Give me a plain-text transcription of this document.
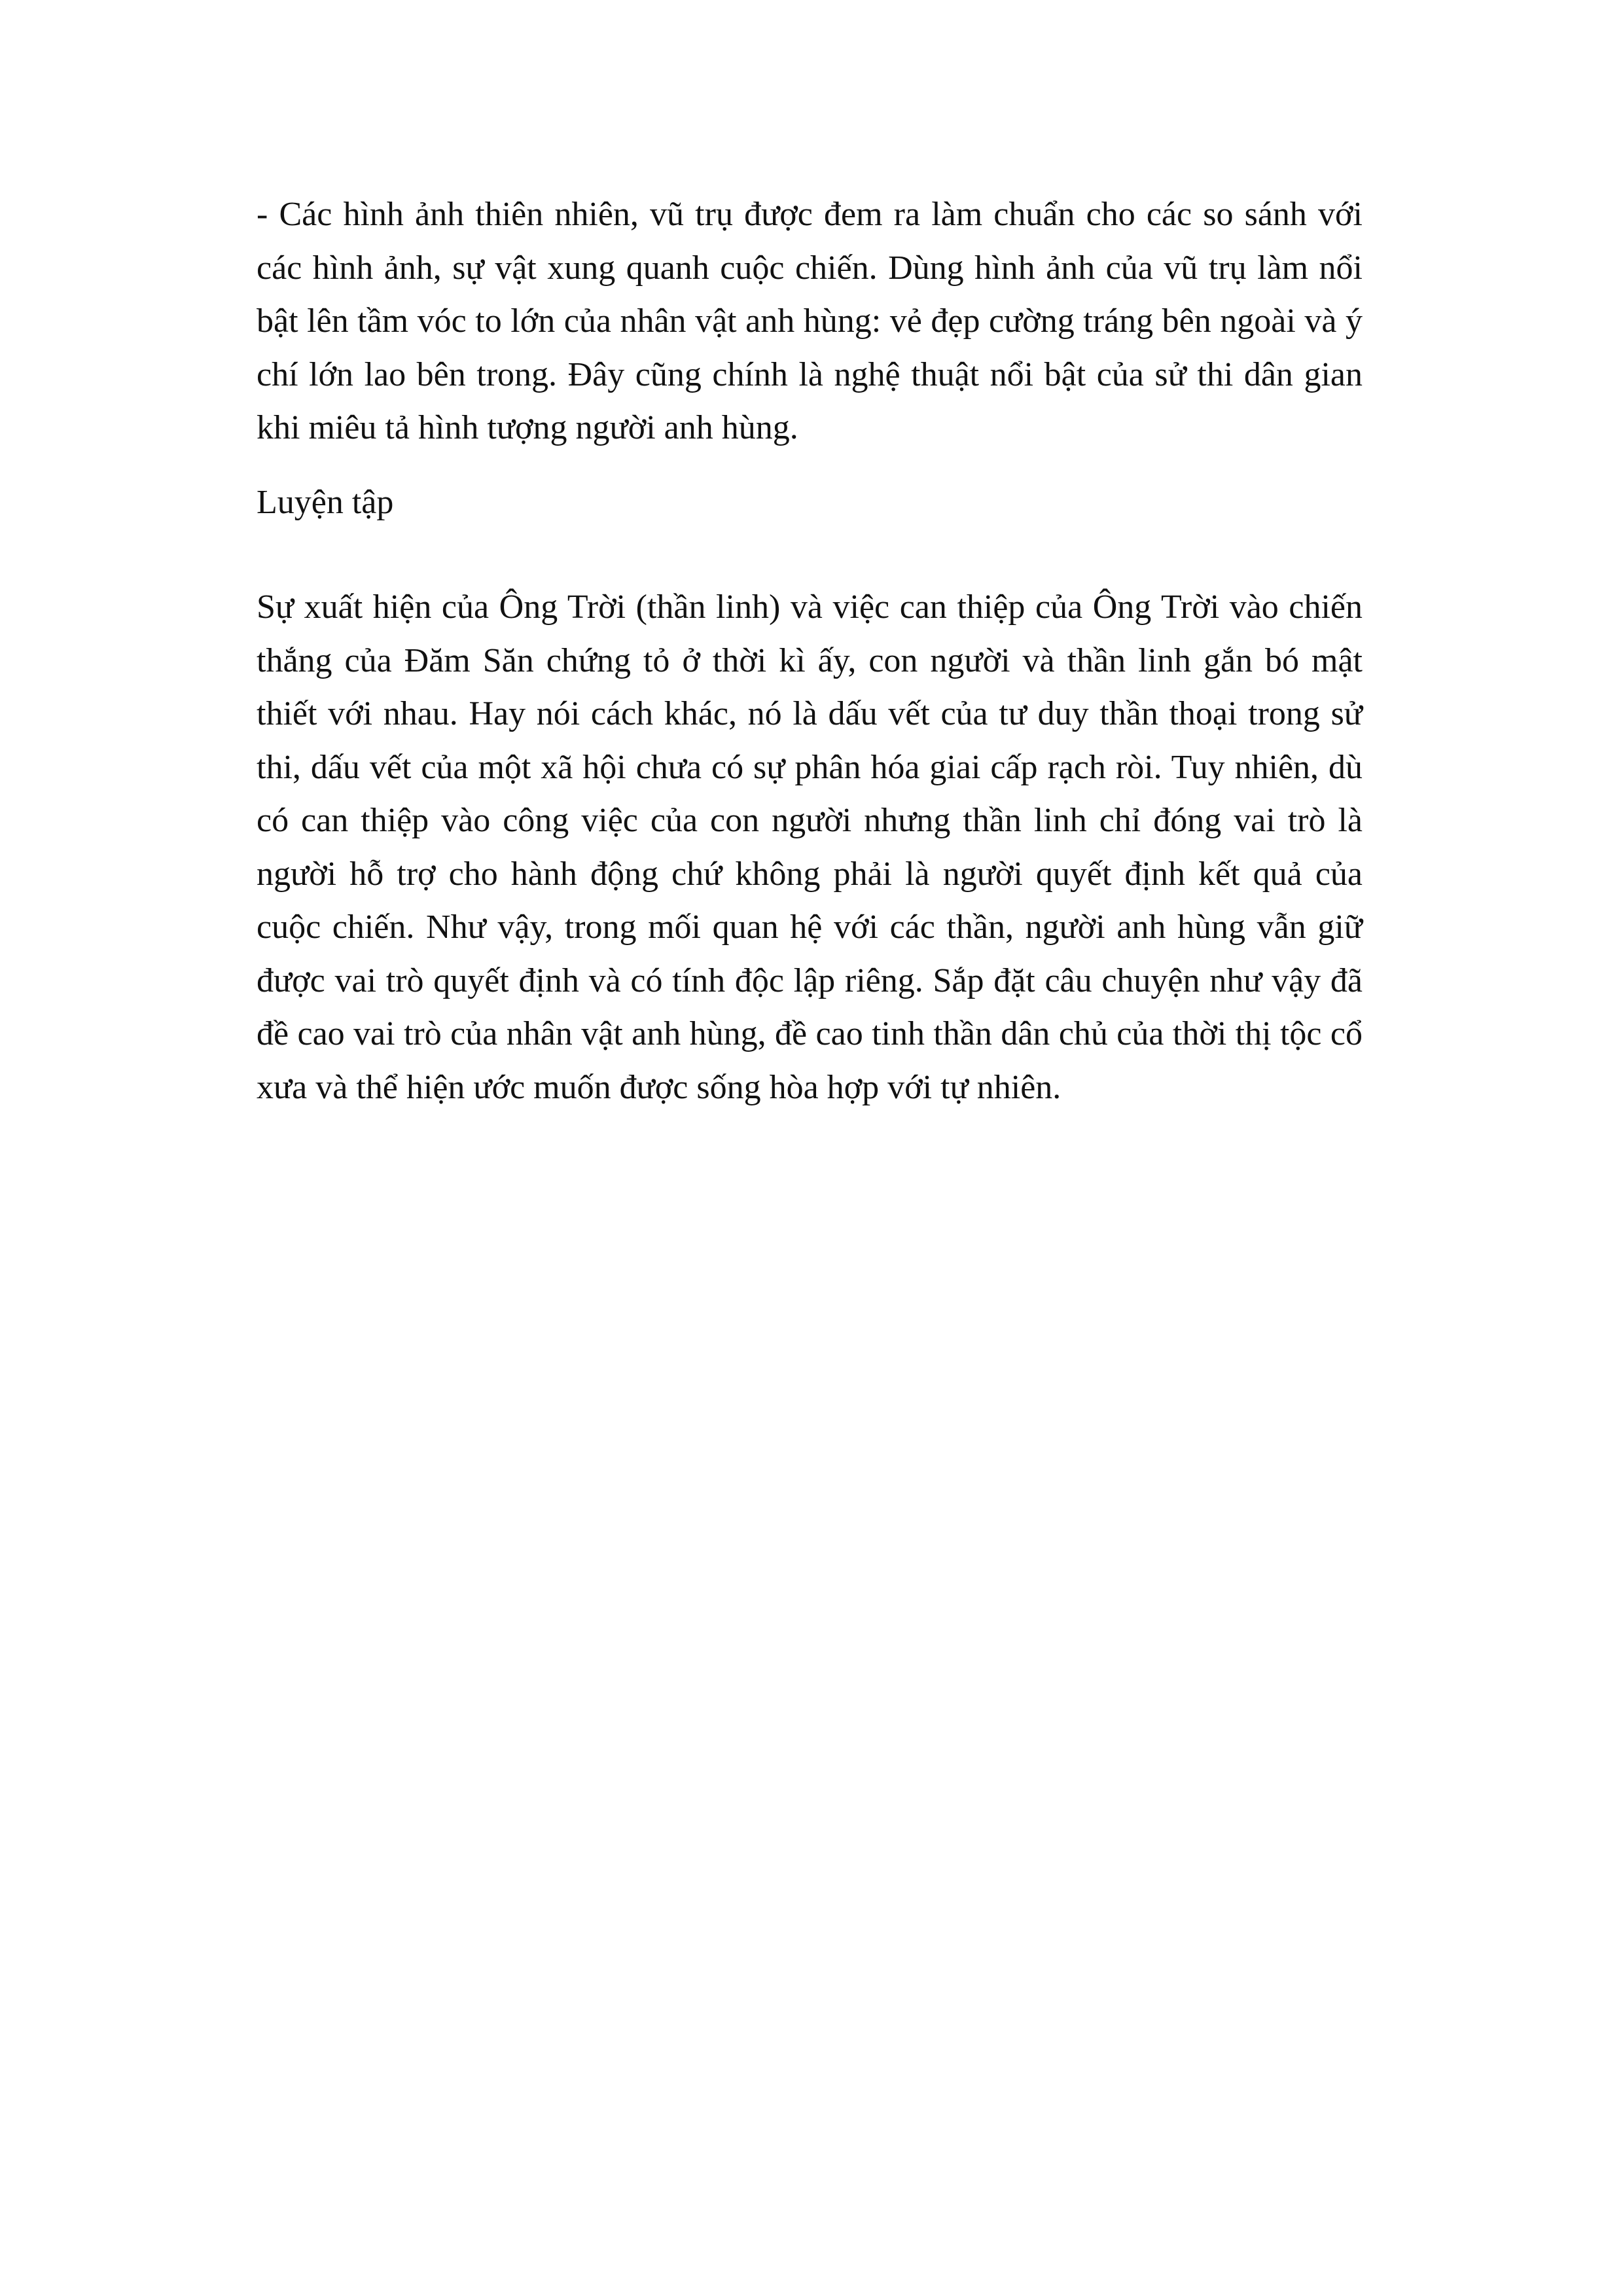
- Các hình ảnh thiên nhiên, vũ trụ được đem ra làm chuẩn cho các so sánh với các hình ảnh, sự vật xung quanh cuộc chiến. Dùng hình ảnh của vũ trụ làm nổi bật lên tầm vóc to lớn của nhân vật anh hùng: vẻ đẹp cường tráng bên ngoài và ý chí lớn lao bên trong. Đây cũng chính là nghệ thuật nổi bật của sử thi dân gian khi miêu tả hình tượng người anh hùng.

Luyện tập

Sự xuất hiện của Ông Trời (thần linh) và việc can thiệp của Ông Trời vào chiến thắng của Đăm Săn chứng tỏ ở thời kì ấy, con người và thần linh gắn bó mật thiết với nhau. Hay nói cách khác, nó là dấu vết của tư duy thần thoại trong sử thi, dấu vết của một xã hội chưa có sự phân hóa giai cấp rạch ròi. Tuy nhiên, dù có can thiệp vào công việc của con người nhưng thần linh chỉ đóng vai trò là người hỗ trợ cho hành động chứ không phải là người quyết định kết quả của cuộc chiến. Như vậy, trong mối quan hệ với các thần, người anh hùng vẫn giữ được vai trò quyết định và có tính độc lập riêng. Sắp đặt câu chuyện như vậy đã đề cao vai trò của nhân vật anh hùng, đề cao tinh thần dân chủ của thời thị tộc cổ xưa và thể hiện ước muốn được sống hòa hợp với tự nhiên.
